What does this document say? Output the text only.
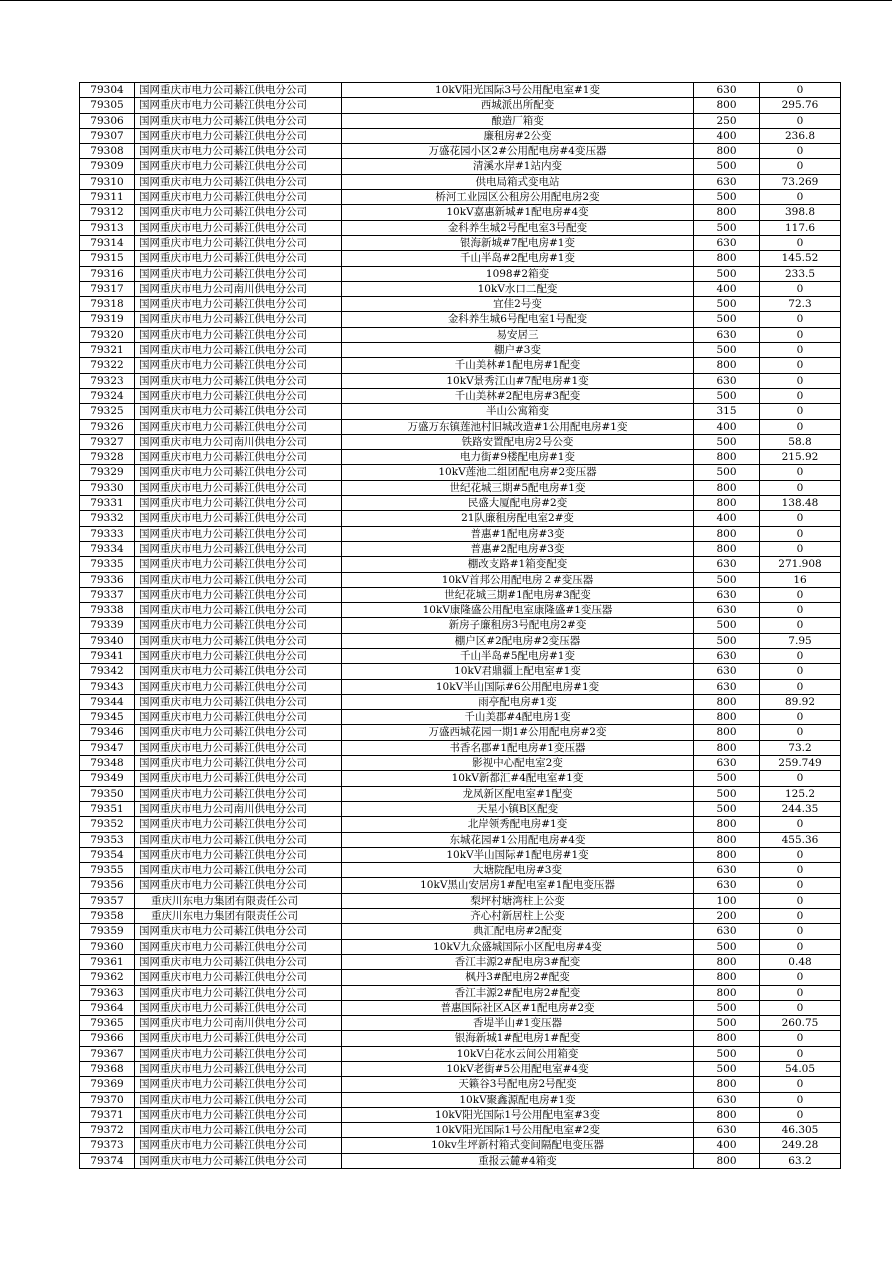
79304	国网重庆市电力公司綦江供电分公司	10kV阳光国际3号公用配电室#1变	630	0
79305	国网重庆市电力公司綦江供电分公司	西城派出所配变	800	295.76
79306	国网重庆市电力公司綦江供电分公司	酿造厂箱变	250	0
79307	国网重庆市电力公司綦江供电分公司	廉租房#2公变	400	236.8
79308	国网重庆市电力公司綦江供电分公司	万盛花园小区2#公用配电房#4变压器	800	0
79309	国网重庆市电力公司綦江供电分公司	清溪水岸#1站内变	500	0
79310	国网重庆市电力公司綦江供电分公司	供电局箱式变电站	630	73.269
79311	国网重庆市电力公司綦江供电分公司	桥河工业园区公租房公用配电房2变	500	0
79312	国网重庆市电力公司綦江供电分公司	10kV嘉惠新城#1配电房#4变	800	398.8
79313	国网重庆市电力公司綦江供电分公司	金科养生城2号配电室3号配变	500	117.6
79314	国网重庆市电力公司綦江供电分公司	银海新城#7配电房#1变	630	0
79315	国网重庆市电力公司綦江供电分公司	千山半岛#2配电房#1变	800	145.52
79316	国网重庆市电力公司綦江供电分公司	1098#2箱变	500	233.5
79317	国网重庆市电力公司南川供电分公司	10kV水口二配变	400	0
79318	国网重庆市电力公司綦江供电分公司	宜佳2号变	500	72.3
79319	国网重庆市电力公司綦江供电分公司	金科养生城6号配电室1号配变	500	0
79320	国网重庆市电力公司綦江供电分公司	易安居三	630	0
79321	国网重庆市电力公司綦江供电分公司	棚户#3变	500	0
79322	国网重庆市电力公司綦江供电分公司	千山美林#1配电房#1配变	800	0
79323	国网重庆市电力公司綦江供电分公司	10kV景秀江山#7配电房#1变	630	0
79324	国网重庆市电力公司綦江供电分公司	千山美林#2配电房#3配变	500	0
79325	国网重庆市电力公司綦江供电分公司	半山公寓箱变	315	0
79326	国网重庆市电力公司綦江供电分公司	万盛万东镇莲池村旧城改造#1公用配电房#1变	400	0
79327	国网重庆市电力公司南川供电分公司	铁路安置配电房2号公变	500	58.8
79328	国网重庆市电力公司綦江供电分公司	电力街#9楼配电房#1变	800	215.92
79329	国网重庆市电力公司綦江供电分公司	10kV莲池二组团配电房#2变压器	500	0
79330	国网重庆市电力公司綦江供电分公司	世纪花城三期#5配电房#1变	800	0
79331	国网重庆市电力公司綦江供电分公司	民盛大厦配电房#2变	800	138.48
79332	国网重庆市电力公司綦江供电分公司	21队廉租房配电室2#变	400	0
79333	国网重庆市电力公司綦江供电分公司	普惠#1配电房#3变	800	0
79334	国网重庆市电力公司綦江供电分公司	普惠#2配电房#3变	800	0
79335	国网重庆市电力公司綦江供电分公司	棚改支路#1箱变配变	630	271.908
79336	国网重庆市电力公司綦江供电分公司	10kV首邦公用配电房２#变压器	500	16
79337	国网重庆市电力公司綦江供电分公司	世纪花城三期#1配电房#3配变	630	0
79338	国网重庆市电力公司綦江供电分公司	10kV康隆盛公用配电室康隆盛#1变压器	630	0
79339	国网重庆市电力公司綦江供电分公司	新房子廉租房3号配电房2#变	500	0
79340	国网重庆市电力公司綦江供电分公司	棚户区#2配电房#2变压器	500	7.95
79341	国网重庆市电力公司綦江供电分公司	千山半岛#5配电房#1变	630	0
79342	国网重庆市电力公司綦江供电分公司	10kV君鼎疆上配电室#1变	630	0
79343	国网重庆市电力公司綦江供电分公司	10kV半山国际#6公用配电房#1变	630	0
79344	国网重庆市电力公司綦江供电分公司	雨亭配电房#1变	800	89.92
79345	国网重庆市电力公司綦江供电分公司	千山美郡#4配电房1变	800	0
79346	国网重庆市电力公司綦江供电分公司	万盛西城花园一期1#公用配电房#2变	800	0
79347	国网重庆市电力公司綦江供电分公司	书香名郡#1配电房#1变压器	800	73.2
79348	国网重庆市电力公司綦江供电分公司	影视中心配电室2变	630	259.749
79349	国网重庆市电力公司綦江供电分公司	10kV新都汇#4配电室#1变	500	0
79350	国网重庆市电力公司綦江供电分公司	龙凤新区配电室#1配变	500	125.2
79351	国网重庆市电力公司南川供电分公司	天星小镇B区配变	500	244.35
79352	国网重庆市电力公司綦江供电分公司	北岸领秀配电房#1变	800	0
79353	国网重庆市电力公司綦江供电分公司	东城花园#1公用配电房#4变	800	455.36
79354	国网重庆市电力公司綦江供电分公司	10kV半山国际#1配电房#1变	800	0
79355	国网重庆市电力公司綦江供电分公司	大塘院配电房#3变	630	0
79356	国网重庆市电力公司綦江供电分公司	10kV黑山安居房1#配电室#1配电变压器	630	0
79357	重庆川东电力集团有限责任公司	梨坪村塘湾柱上公变	100	0
79358	重庆川东电力集团有限责任公司	齐心村新居柱上公变	200	0
79359	国网重庆市电力公司綦江供电分公司	典汇配电房#2配变	630	0
79360	国网重庆市电力公司綦江供电分公司	10kV九众盛城国际小区配电房#4变	500	0
79361	国网重庆市电力公司綦江供电分公司	香江丰源2#配电房3#配变	800	0.48
79362	国网重庆市电力公司綦江供电分公司	枫丹3#配电房2#配变	800	0
79363	国网重庆市电力公司綦江供电分公司	香江丰源2#配电房2#配变	800	0
79364	国网重庆市电力公司綦江供电分公司	普惠国际社区A区#1配电房#2变	500	0
79365	国网重庆市电力公司南川供电分公司	香堤半山#1变压器	500	260.75
79366	国网重庆市电力公司綦江供电分公司	银海新城1#配电房1#配变	800	0
79367	国网重庆市电力公司綦江供电分公司	10kV白花水云间公用箱变	500	0
79368	国网重庆市电力公司綦江供电分公司	10kV老街#5公用配电室#4变	500	54.05
79369	国网重庆市电力公司綦江供电分公司	天籁谷3号配电房2号配变	800	0
79370	国网重庆市电力公司綦江供电分公司	10kV聚鑫源配电房#1变	630	0
79371	国网重庆市电力公司綦江供电分公司	10kV阳光国际1号公用配电室#3变	800	0
79372	国网重庆市电力公司綦江供电分公司	10kV阳光国际1号公用配电室#2变	630	46.305
79373	国网重庆市电力公司綦江供电分公司	10kv生坪新村箱式变间隔配电变压器	400	249.28
79374	国网重庆市电力公司綦江供电分公司	重报云麓#4箱变	800	63.2
